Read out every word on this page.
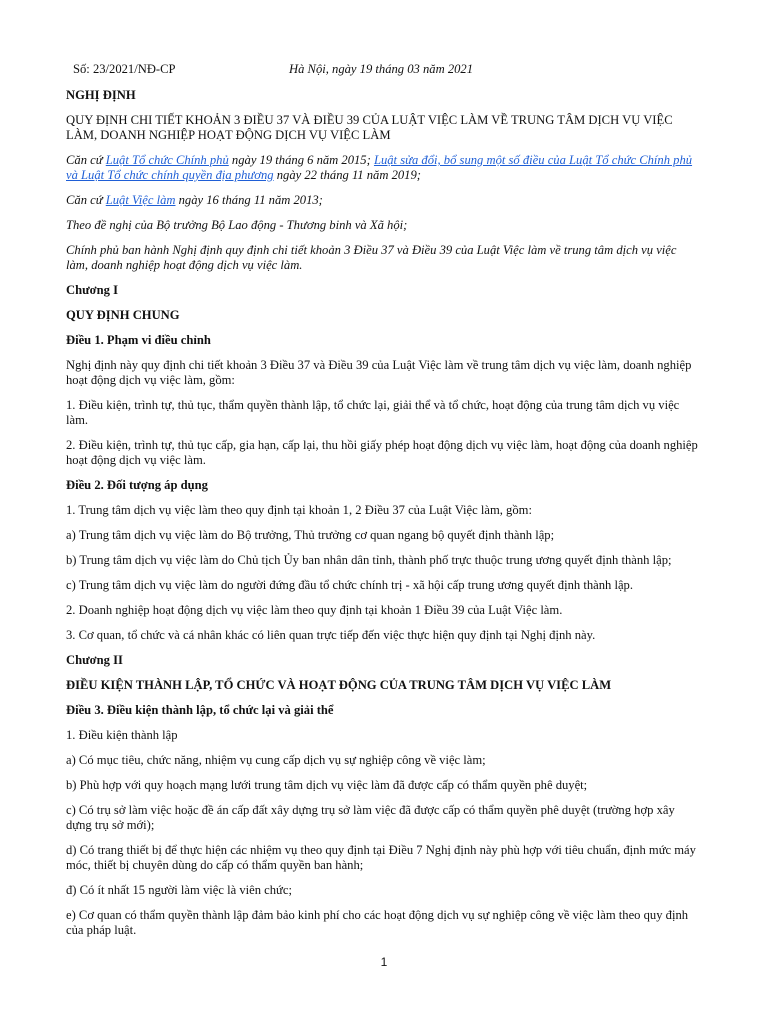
Số: 23/2021/NĐ-CP	Hà Nội, ngày 19 tháng 03 năm 2021

NGHỊ ĐỊNH

QUY ĐỊNH CHI TIẾT KHOẢN 3 ĐIỀU 37 VÀ ĐIỀU 39 CỦA LUẬT VIỆC LÀM VỀ TRUNG TÂM DỊCH VỤ VIỆC LÀM, DOANH NGHIỆP HOẠT ĐỘNG DỊCH VỤ VIỆC LÀM

Căn cứ Luật Tổ chức Chính phủ ngày 19 tháng 6 năm 2015; Luật sửa đổi, bổ sung một số điều của Luật Tổ chức Chính phủ và Luật Tổ chức chính quyền địa phương ngày 22 tháng 11 năm 2019;

Căn cứ Luật Việc làm ngày 16 tháng 11 năm 2013;

Theo đề nghị của Bộ trưởng Bộ Lao động - Thương binh và Xã hội;

Chính phủ ban hành Nghị định quy định chi tiết khoản 3 Điều 37 và Điều 39 của Luật Việc làm về trung tâm dịch vụ việc làm, doanh nghiệp hoạt động dịch vụ việc làm.

Chương I

QUY ĐỊNH CHUNG

Điều 1. Phạm vi điều chỉnh

Nghị định này quy định chi tiết khoản 3 Điều 37 và Điều 39 của Luật Việc làm về trung tâm dịch vụ việc làm, doanh nghiệp hoạt động dịch vụ việc làm, gồm:

1. Điều kiện, trình tự, thủ tục, thẩm quyền thành lập, tổ chức lại, giải thể và tổ chức, hoạt động của trung tâm dịch vụ việc làm.

2. Điều kiện, trình tự, thủ tục cấp, gia hạn, cấp lại, thu hồi giấy phép hoạt động dịch vụ việc làm, hoạt động của doanh nghiệp hoạt động dịch vụ việc làm.

Điều 2. Đối tượng áp dụng

1. Trung tâm dịch vụ việc làm theo quy định tại khoản 1, 2 Điều 37 của Luật Việc làm, gồm:

a) Trung tâm dịch vụ việc làm do Bộ trưởng, Thủ trưởng cơ quan ngang bộ quyết định thành lập;

b) Trung tâm dịch vụ việc làm do Chủ tịch Ủy ban nhân dân tỉnh, thành phố trực thuộc trung ương quyết định thành lập;

c) Trung tâm dịch vụ việc làm do người đứng đầu tổ chức chính trị - xã hội cấp trung ương quyết định thành lập.

2. Doanh nghiệp hoạt động dịch vụ việc làm theo quy định tại khoản 1 Điều 39 của Luật Việc làm.

3. Cơ quan, tổ chức và cá nhân khác có liên quan trực tiếp đến việc thực hiện quy định tại Nghị định này.

Chương II

ĐIỀU KIỆN THÀNH LẬP, TỔ CHỨC VÀ HOẠT ĐỘNG CỦA TRUNG TÂM DỊCH VỤ VIỆC LÀM

Điều 3. Điều kiện thành lập, tổ chức lại và giải thể

1. Điều kiện thành lập

a) Có mục tiêu, chức năng, nhiệm vụ cung cấp dịch vụ sự nghiệp công về việc làm;

b) Phù hợp với quy hoạch mạng lưới trung tâm dịch vụ việc làm đã được cấp có thẩm quyền phê duyệt;

c) Có trụ sở làm việc hoặc đề án cấp đất xây dựng trụ sở làm việc đã được cấp có thẩm quyền phê duyệt (trường hợp xây dựng trụ sở mới);

d) Có trang thiết bị để thực hiện các nhiệm vụ theo quy định tại Điều 7 Nghị định này phù hợp với tiêu chuẩn, định mức máy móc, thiết bị chuyên dùng do cấp có thẩm quyền ban hành;

đ) Có ít nhất 15 người làm việc là viên chức;

e) Cơ quan có thẩm quyền thành lập đảm bảo kinh phí cho các hoạt động dịch vụ sự nghiệp công về việc làm theo quy định của pháp luật.

1
